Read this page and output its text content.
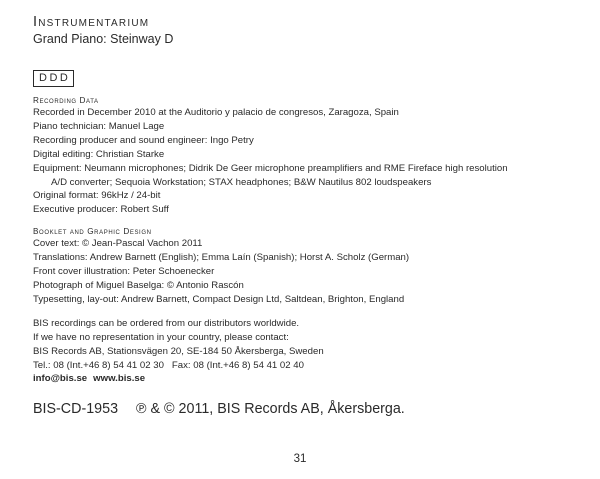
Instrumentarium

Grand Piano: Steinway D

DDD

Recording Data

Recorded in December 2010 at the Auditorio y palacio de congresos, Zaragoza, Spain

Piano technician: Manuel Lage

Recording producer and sound engineer: Ingo Petry

Digital editing: Christian Starke

Equipment: Neumann microphones; Didrik De Geer microphone preamplifiers and RME Fireface high resolution

A/D converter; Sequoia Workstation; STAX headphones; B&W Nautilus 802 loudspeakers

Original format: 96kHz / 24-bit

Executive producer: Robert Suff

Booklet and Graphic Design

Cover text: © Jean-Pascal Vachon 2011

Translations: Andrew Barnett (English); Emma Laín (Spanish); Horst A. Scholz (German)

Front cover illustration: Peter Schoenecker

Photograph of Miguel Baselga: © Antonio Rascón

Typesetting, lay-out: Andrew Barnett, Compact Design Ltd, Saltdean, Brighton, England

BIS recordings can be ordered from our distributors worldwide.

If we have no representation in your country, please contact:

BIS Records AB, Stationsvägen 20, SE-184 50 Åkersberga, Sweden

Tel.: 08 (Int.+46 8) 54 41 02 30   Fax: 08 (Int.+46 8) 54 41 02 40

info@bis.se www.bis.se

BIS-CD-1953 ℗ & © 2011, BIS Records AB, Åkersberga.
31
